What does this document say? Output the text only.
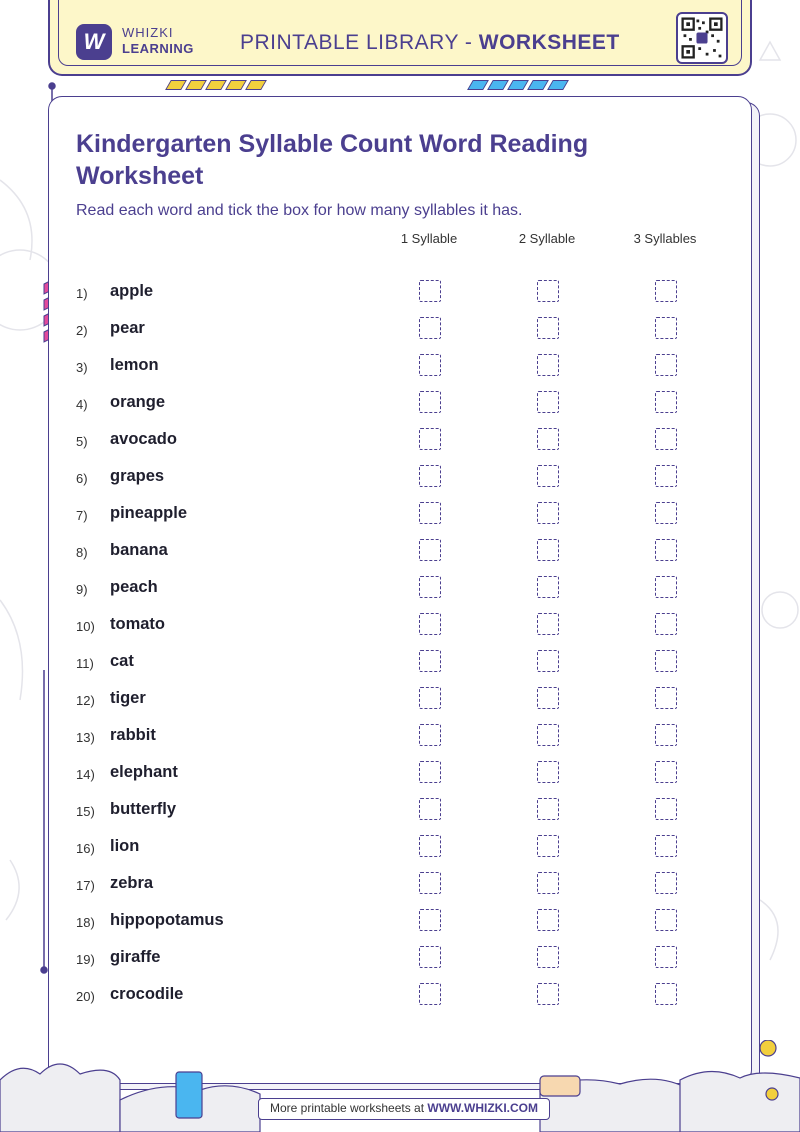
W WHIZKI
LEARNING PRINTABLE LIBRARY - WORKSHEET
Kindergarten Syllable Count Word Reading Worksheet
Read each word and tick the box for how many syllables it has.
1 Syllable	2 Syllable	3 Syllables
1) apple
2) pear
3) lemon
4) orange
5) avocado
6) grapes
7) pineapple
8) banana
9) peach
10) tomato
11) cat
12) tiger
13) rabbit
14) elephant
15) butterfly
16) lion
17) zebra
18) hippopotamus
19) giraffe
20) crocodile
More printable worksheets at WWW.WHIZKI.COM
